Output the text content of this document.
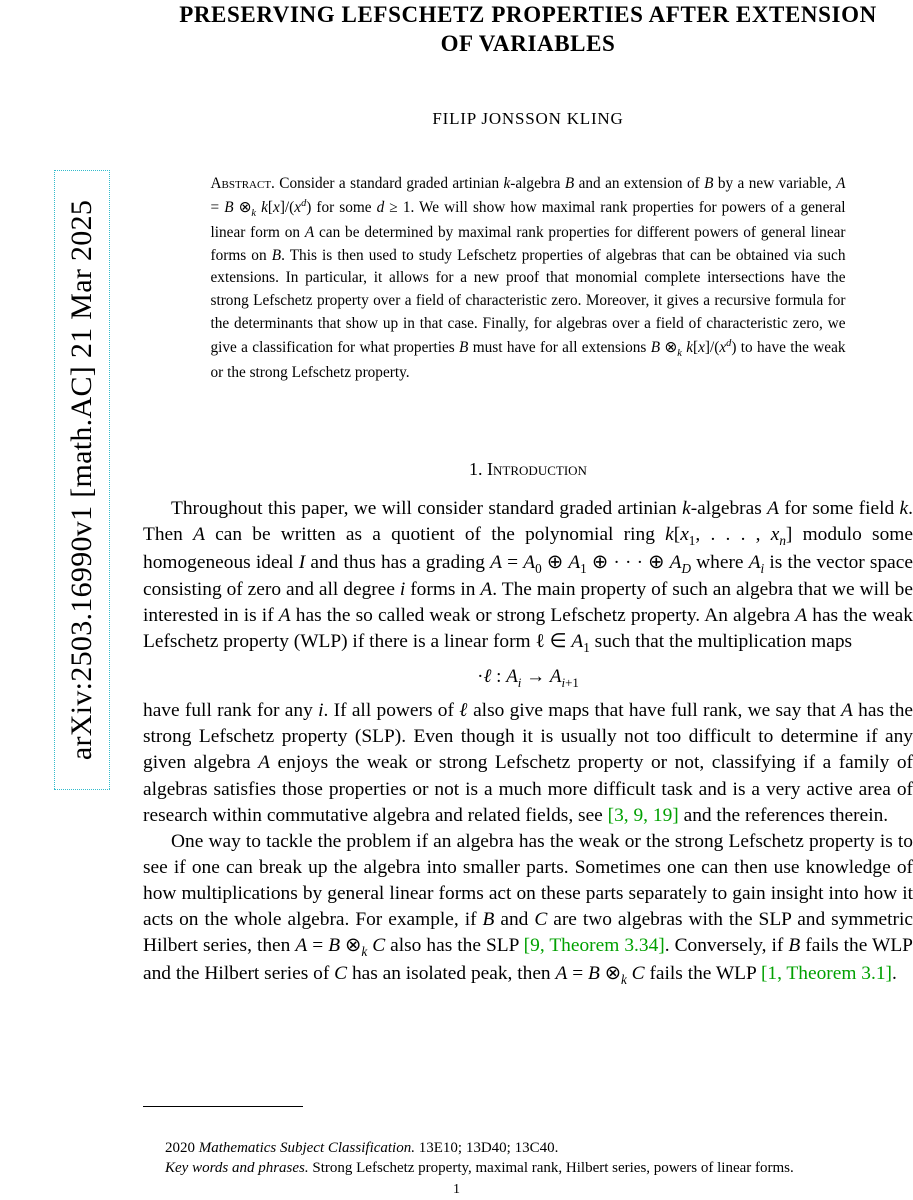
arXiv:2503.16990v1 [math.AC] 21 Mar 2025
PRESERVING LEFSCHETZ PROPERTIES AFTER EXTENSION
OF VARIABLES
FILIP JONSSON KLING
Abstract. Consider a standard graded artinian k-algebra B and an extension of B by a new variable, A = B $\otimes_k$ $k[x]/(x^d)$ for some d ≥ 1. We will show how maximal rank properties for powers of a general linear form on A can be determined by maximal rank properties for different powers of general linear forms on B. This is then used to study Lefschetz properties of algebras that can be obtained via such extensions. In particular, it allows for a new proof that monomial complete intersections have the strong Lefschetz property over a field of characteristic zero. Moreover, it gives a recursive formula for the determinants that show up in that case. Finally, for algebras over a field of characteristic zero, we give a classification for what properties B must have for all extensions B $\otimes_k$ $k[x]/(x^d)$ to have the weak or the strong Lefschetz property.
1. Introduction

Throughout this paper, we will consider standard graded artinian k-algebras A for some field k. Then A can be written as a quotient of the polynomial ring $k[x_1$, . . . , $x_n$] modulo some homogeneous ideal I and thus has a grading $A = A_0$ ⊕ $A_1$ ⊕ · · · ⊕ $A_D$ where $A_i$ is the vector space consisting of zero and all degree i forms in A. The main property of such an algebra that we will be interested in is if A has the so called weak or strong Lefschetz property. An algebra A has the weak Lefschetz property (WLP) if there is a linear form ℓ ∈ $A_1$ such that the multiplication maps

·ℓ : $A_i \to A_{i+1}$

have full rank for any i. If all powers of ℓ also give maps that have full rank, we say that A has the strong Lefschetz property (SLP). Even though it is usually not too difficult to determine if any given algebra A enjoys the weak or strong Lefschetz property or not, classifying if a family of algebras satisfies those properties or not is a much more difficult task and is a very active area of research within commutative algebra and related fields, see [3, 9, 19] and the references therein.

One way to tackle the problem if an algebra has the weak or the strong Lefschetz property is to see if one can break up the algebra into smaller parts. Sometimes one can then use knowledge of how multiplications by general linear forms act on these parts separately to gain insight into how it acts on the whole algebra. For example, if B and C are two algebras with the SLP and symmetric Hilbert series, then A = B $\otimes_k$ C also has the SLP [9, Theorem 3.34]. Conversely, if B fails the WLP and the Hilbert series of C has an isolated peak, then A = B $\otimes_k$ C fails the WLP [1, Theorem 3.1].

2020 Mathematics Subject Classification. 13E10; 13D40; 13C40.
Key words and phrases. Strong Lefschetz property, maximal rank, Hilbert series, powers of linear forms.
1
